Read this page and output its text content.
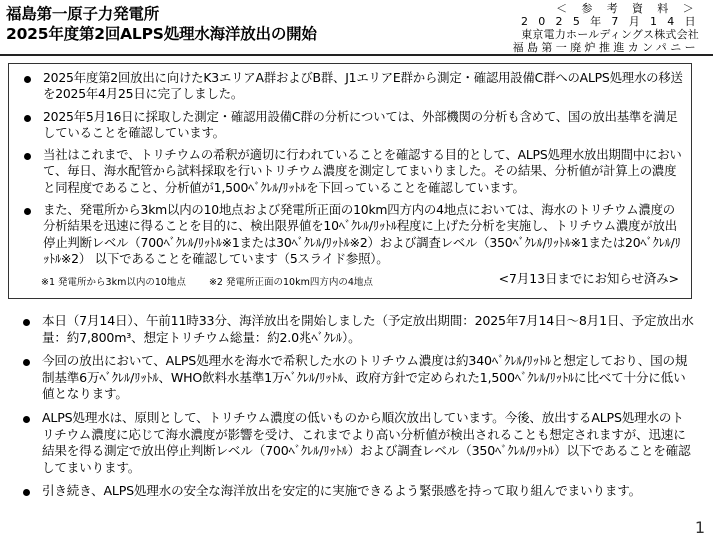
福島第一原子力発電所
2025年度第2回ALPS処理水海洋放出の開始
＜ 参 考 資 料 ＞
2 0 2 5 年 7 月 1 4 日
東京電力ホールディングス株式会社
福島第一廃炉推進カンパニー
2025年度第2回放出に向けたK3エリアA群およびB群、J1エリアE群から測定・確認用設備C群へのALPS処理水の移送を2025年4月25日に完了しました。
2025年5月16日に採取した測定・確認用設備C群の分析については、外部機関の分析も含めて、国の放出基準を満足していることを確認しています。
当社はこれまで、トリチウムの希釈が適切に行われていることを確認する目的として、ALPS処理水放出期間中において、毎日、海水配管から試料採取を行いトリチウム濃度を測定してまいりました。その結果、分析値が計算上の濃度と同程度であること、分析値が1,500ﾍﾞｸﾚﾙ/ﾘｯﾄﾙを下回っていることを確認しています。
また、発電所から3km以内の10地点および発電所正面の10km四方内の4地点においては、海水のトリチウム濃度の分析結果を迅速に得ることを目的に、検出限界値を10ﾍﾞｸﾚﾙ/ﾘｯﾄﾙ程度に上げた分析を実施し、トリチウム濃度が放出停止判断レベル（700ﾍﾞｸﾚﾙ/ﾘｯﾄﾙ※1または30ﾍﾞｸﾚﾙ/ﾘｯﾄﾙ※2）および調査レベル（350ﾍﾞｸﾚﾙ/ﾘｯﾄﾙ※1または20ﾍﾞｸﾚﾙ/ﾘｯﾄﾙ※2） 以下であることを確認しています（5スライド参照）。
※1 発電所から3km以内の10地点 ※2 発電所正面の10km四方内の4地点	<7月13日までにお知らせ済み>
本日（7月14日）、午前11時33分、海洋放出を開始しました（予定放出期間：2025年7月14日～8月1日、予定放出水量：約7,800m³、想定トリチウム総量：約2.0兆ﾍﾞｸﾚﾙ）。
今回の放出において、ALPS処理水を海水で希釈した水のトリチウム濃度は約340ﾍﾞｸﾚﾙ/ﾘｯﾄﾙと想定しており、国の規制基準6万ﾍﾞｸﾚﾙ/ﾘｯﾄﾙ、WHO飲料水基準1万ﾍﾞｸﾚﾙ/ﾘｯﾄﾙ、政府方針で定められた1,500ﾍﾞｸﾚﾙ/ﾘｯﾄﾙに比べて十分に低い値となります。
ALPS処理水は、原則として、トリチウム濃度の低いものから順次放出しています。今後、放出するALPS処理水のトリチウム濃度に応じて海水濃度が影響を受け、これまでより高い分析値が検出されることも想定されますが、迅速に結果を得る測定で放出停止判断レベル（700ﾍﾞｸﾚﾙ/ﾘｯﾄﾙ）および調査レベル（350ﾍﾞｸﾚﾙ/ﾘｯﾄﾙ）以下であることを確認してまいります。
引き続き、ALPS処理水の安全な海洋放出を安定的に実施できるよう緊張感を持って取り組んでまいります。
1
